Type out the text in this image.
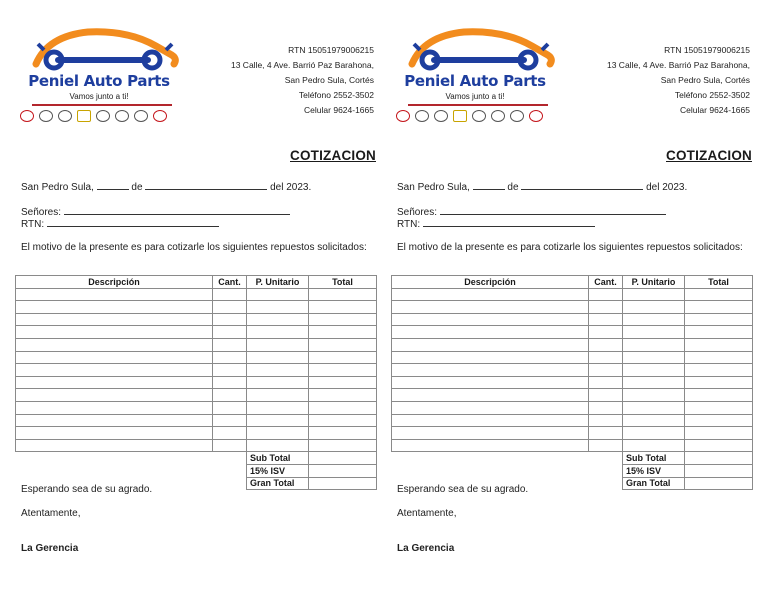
Peniel Auto Parts
Vamos junto a ti!
RTN 15051979006215
13 Calle, 4 Ave. Barrió Paz Barahona,
San Pedro Sula, Cortés
Teléfono 2552-3502
Celular 9624-1665
COTIZACION
San Pedro Sula,	de	del 2023.
Señores:
RTN:
El motivo de la presente es para cotizarle los siguientes repuestos solicitados:
Descripción	Cant.	P. Unitario	Total

		Sub Total	
		15% ISV	
		Gran Total	
Esperando sea de su agrado.
Atentamente,
La Gerencia
Peniel Auto Parts
Vamos junto a ti!
RTN 15051979006215
13 Calle, 4 Ave. Barrió Paz Barahona,
San Pedro Sula, Cortés
Teléfono 2552-3502
Celular 9624-1665
COTIZACION
San Pedro Sula,	de	del 2023.
Señores:
RTN:
El motivo de la presente es para cotizarle los siguientes repuestos solicitados:
Descripción	Cant.	P. Unitario	Total

		Sub Total	
		15% ISV	
		Gran Total	
Esperando sea de su agrado.
Atentamente,
La Gerencia
